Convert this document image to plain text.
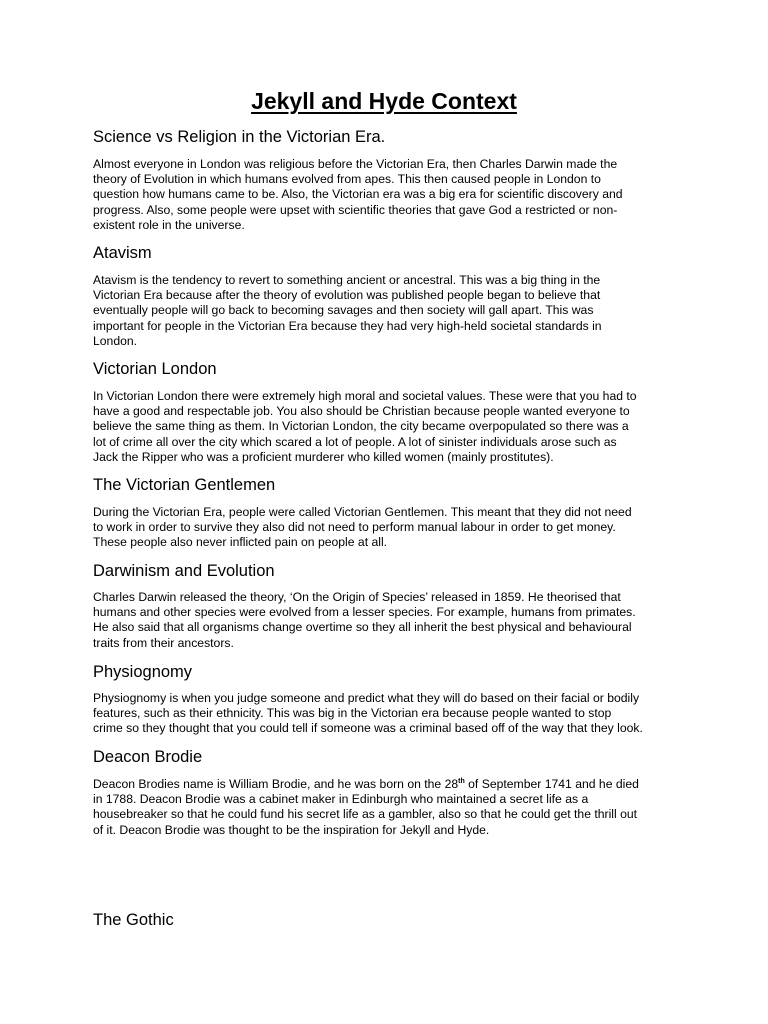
Jekyll and Hyde Context
Science vs Religion in the Victorian Era.

Almost everyone in London was religious before the Victorian Era, then Charles Darwin made the
theory of Evolution in which humans evolved from apes. This then caused people in London to
question how humans came to be. Also, the Victorian era was a big era for scientific discovery and
progress. Also, some people were upset with scientific theories that gave God a restricted or non-
existent role in the universe.

Atavism

Atavism is the tendency to revert to something ancient or ancestral. This was a big thing in the
Victorian Era because after the theory of evolution was published people began to believe that
eventually people will go back to becoming savages and then society will gall apart. This was
important for people in the Victorian Era because they had very high-held societal standards in
London.

Victorian London

In Victorian London there were extremely high moral and societal values. These were that you had to
have a good and respectable job. You also should be Christian because people wanted everyone to
believe the same thing as them. In Victorian London, the city became overpopulated so there was a
lot of crime all over the city which scared a lot of people. A lot of sinister individuals arose such as
Jack the Ripper who was a proficient murderer who killed women (mainly prostitutes).

The Victorian Gentlemen

During the Victorian Era, people were called Victorian Gentlemen. This meant that they did not need
to work in order to survive they also did not need to perform manual labour in order to get money.
These people also never inflicted pain on people at all.

Darwinism and Evolution

Charles Darwin released the theory, ‘On the Origin of Species’ released in 1859. He theorised that
humans and other species were evolved from a lesser species. For example, humans from primates.
He also said that all organisms change overtime so they all inherit the best physical and behavioural
traits from their ancestors.

Physiognomy

Physiognomy is when you judge someone and predict what they will do based on their facial or bodily
features, such as their ethnicity. This was big in the Victorian era because people wanted to stop
crime so they thought that you could tell if someone was a criminal based off of the way that they look.

Deacon Brodie

Deacon Brodies name is William Brodie, and he was born on the 28th of September 1741 and he died
in 1788. Deacon Brodie was a cabinet maker in Edinburgh who maintained a secret life as a
housebreaker so that he could fund his secret life as a gambler, also so that he could get the thrill out
of it. Deacon Brodie was thought to be the inspiration for Jekyll and Hyde.

The Gothic
